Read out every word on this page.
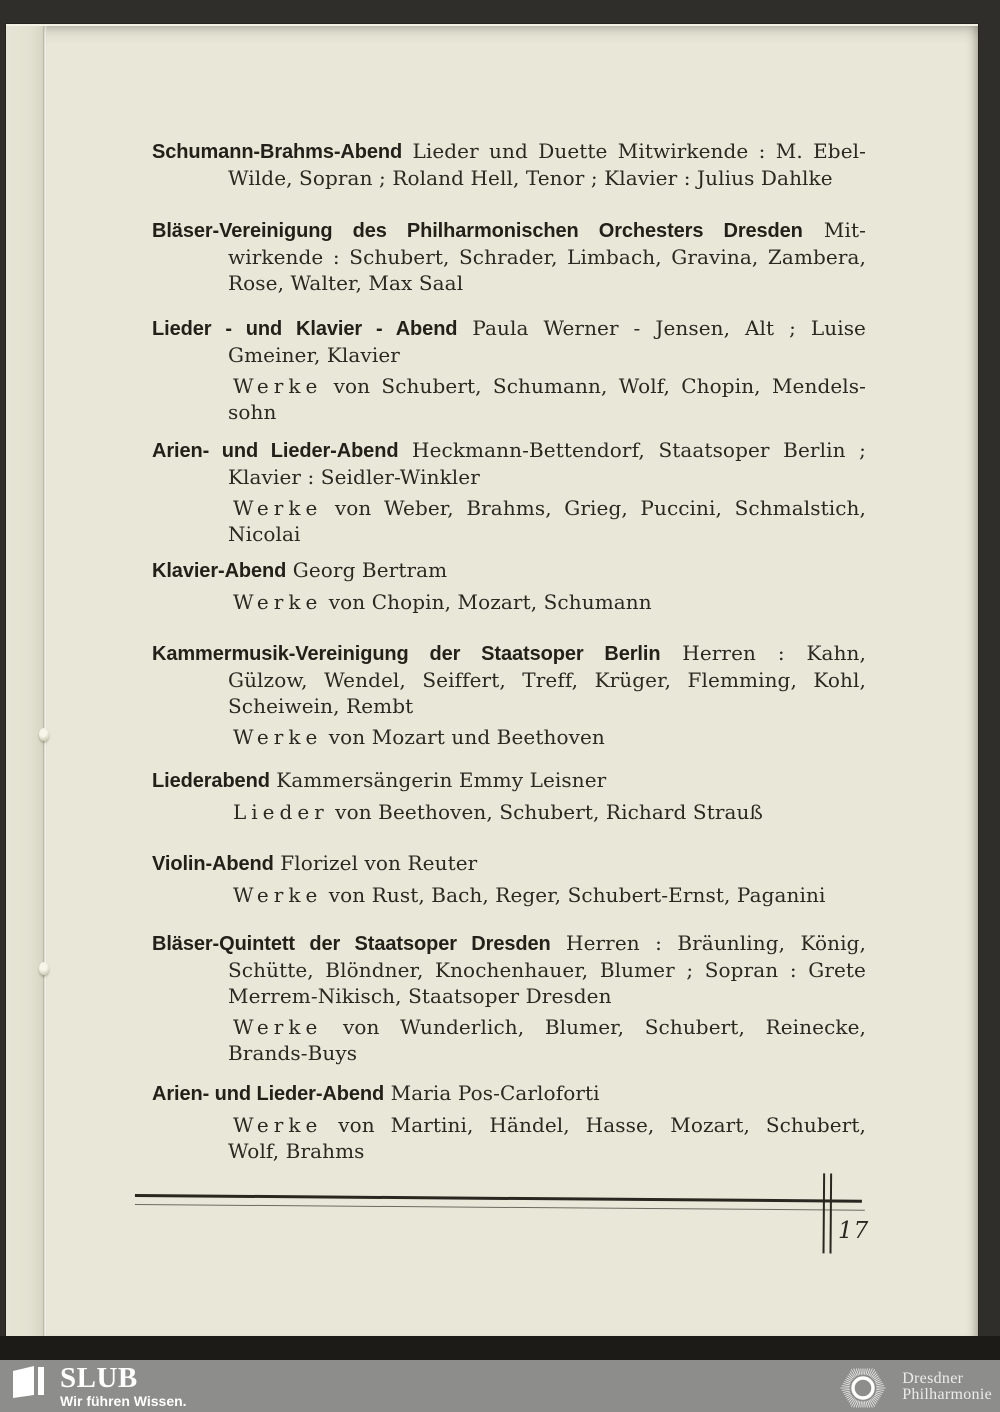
Schumann-Brahms-Abend Lieder und Duette Mitwirkende : M. Ebel-
Wilde, Sopran ; Roland Hell, Tenor ; Klavier : Julius Dahlke
Bläser-Vereinigung des Philharmonischen Orchesters Dresden Mit-
wirkende : Schubert, Schrader, Limbach, Gravina, Zambera,
Rose, Walter, Max Saal
Lieder - und Klavier - Abend Paula Werner - Jensen, Alt ; Luise
Gmeiner, Klavier
Werke von Schubert, Schumann, Wolf, Chopin, Mendels-
sohn
Arien- und Lieder-Abend Heckmann-Bettendorf, Staatsoper Berlin ;
Klavier : Seidler-Winkler
Werke von Weber, Brahms, Grieg, Puccini, Schmalstich,
Nicolai
Klavier-Abend Georg Bertram
Werke von Chopin, Mozart, Schumann
Kammermusik-Vereinigung der Staatsoper Berlin Herren : Kahn,
Gülzow, Wendel, Seiffert, Treff, Krüger, Flemming, Kohl,
Scheiwein, Rembt
Werke von Mozart und Beethoven
Liederabend Kammersängerin Emmy Leisner
Lieder von Beethoven, Schubert, Richard Strauß
Violin-Abend Florizel von Reuter
Werke von Rust, Bach, Reger, Schubert-Ernst, Paganini
Bläser-Quintett der Staatsoper Dresden Herren : Bräunling, König,
Schütte, Blöndner, Knochenhauer, Blumer ; Sopran : Grete
Merrem-Nikisch, Staatsoper Dresden
Werke von Wunderlich, Blumer, Schubert, Reinecke,
Brands-Buys
Arien- und Lieder-Abend Maria Pos-Carloforti
Werke von Martini, Händel, Hasse, Mozart, Schubert,
Wolf, Brahms
17
SLUB
Wir führen Wissen.
Dresdner
Philharmonie
